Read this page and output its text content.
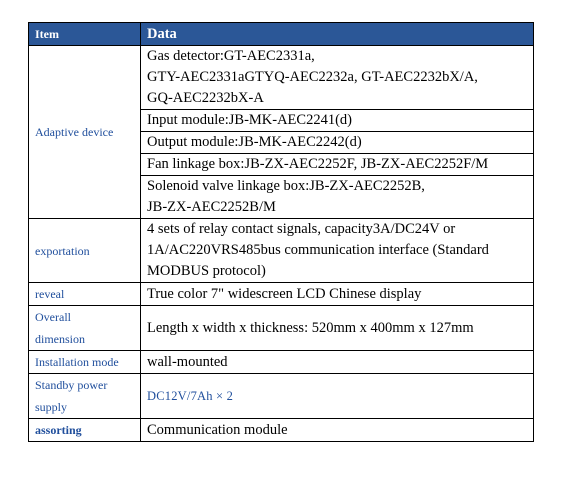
Item	Data
Adaptive device	Gas detector:GT-AEC2331a,
GTY-AEC2331aGTYQ-AEC2232a, GT-AEC2232bX/A,
GQ-AEC2232bX-A

	Input module:JB-MK-AEC2241(d)
	Output module:JB-MK-AEC2242(d)
	Fan linkage box:JB-ZX-AEC2252F, JB-ZX-AEC2252F/M

	Solenoid valve linkage box:JB-ZX-AEC2252B,
JB-ZX-AEC2252B/M

exportation	4 sets of relay contact signals, capacity3A/DC24V or
1A/AC220VRS485bus communication interface (Standard
MODBUS protocol)

reveal	True color 7" widescreen LCD Chinese display

Overall
dimension	Length x width x thickness: 520mm x 400mm x 127mm
Installation mode	wall-mounted

Standby power
supply	DC12V/7Ah × 2
assorting	Communication module
